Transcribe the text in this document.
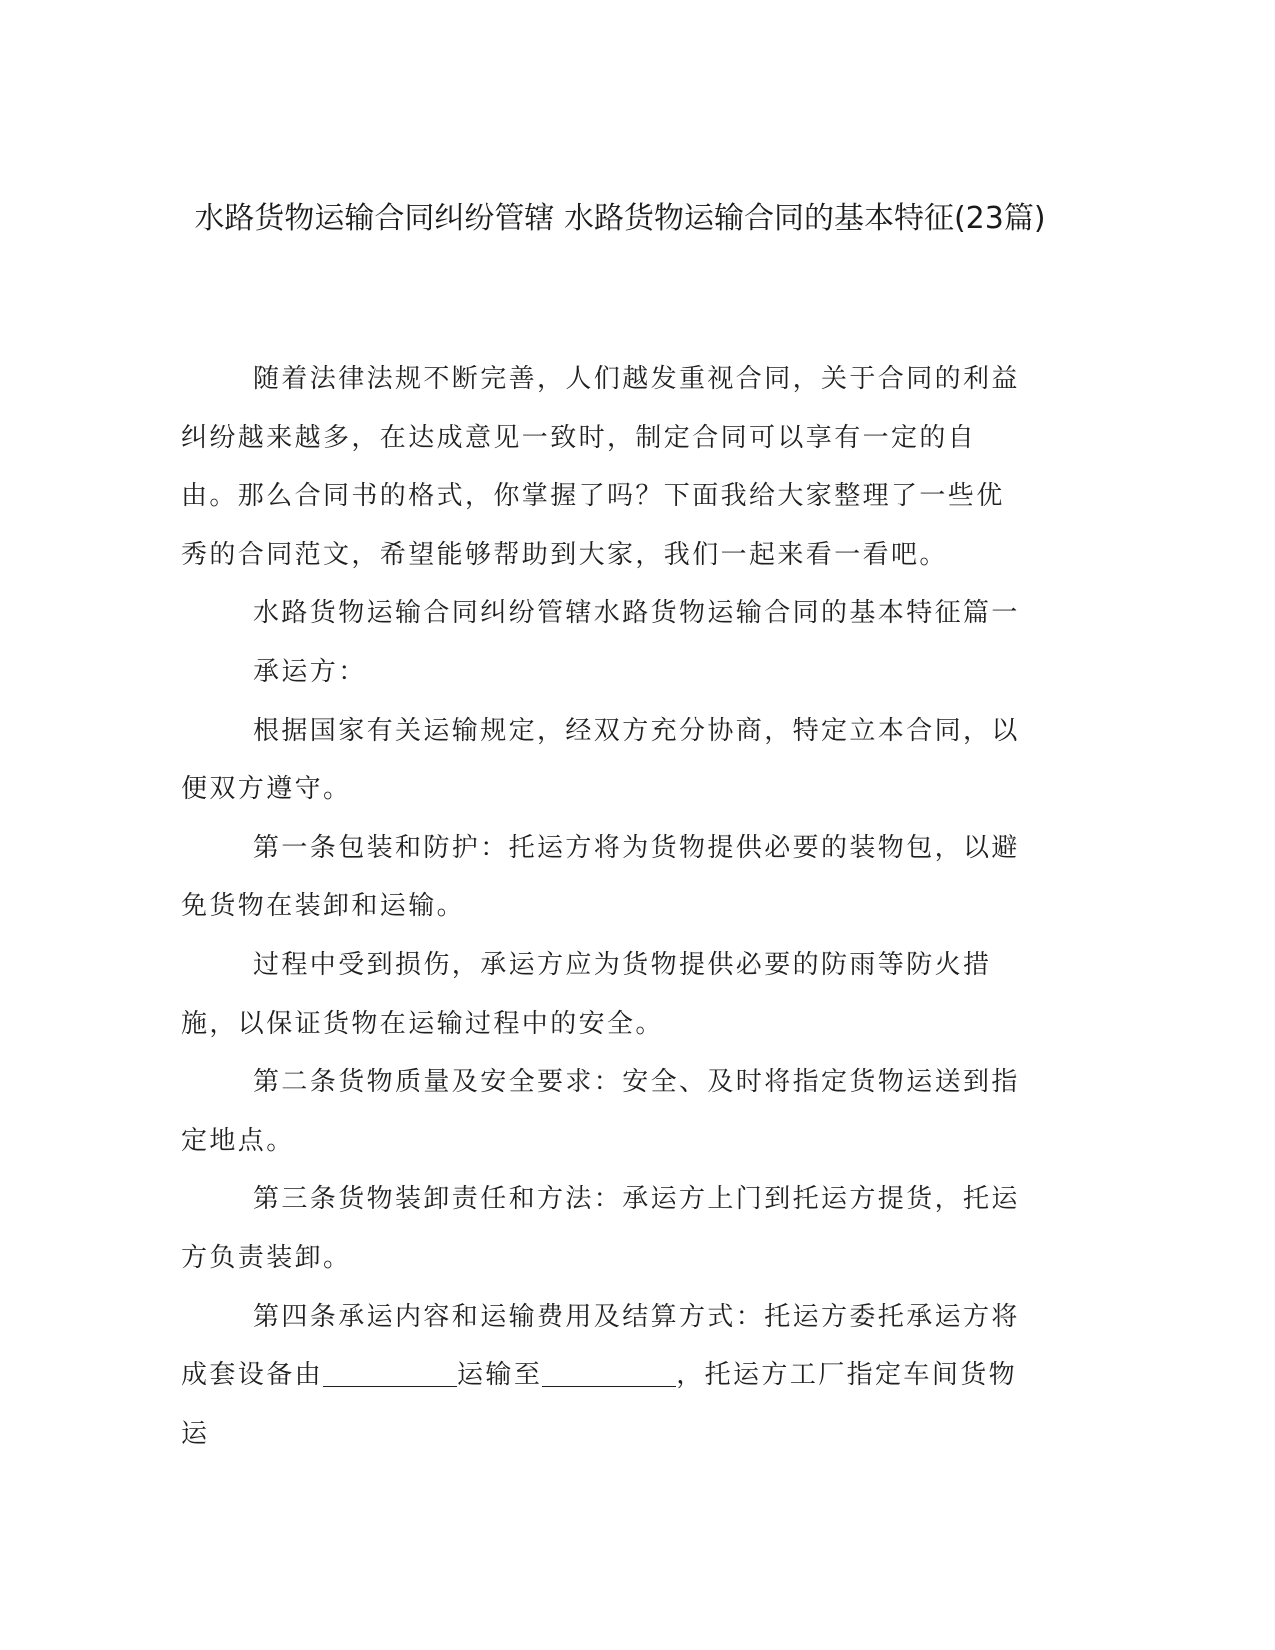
水路货物运输合同纠纷管辖 水路货物运输合同的基本特征(23篇)

随着法律法规不断完善，人们越发重视合同，关于合同的利益纠纷越来越多，在达成意见一致时，制定合同可以享有一定的自由。那么合同书的格式，你掌握了吗？下面我给大家整理了一些优秀的合同范文，希望能够帮助到大家，我们一起来看一看吧。

水路货物运输合同纠纷管辖水路货物运输合同的基本特征篇一

承运方：

根据国家有关运输规定，经双方充分协商，特定立本合同，以便双方遵守。

第一条包装和防护：托运方将为货物提供必要的装物包，以避免货物在装卸和运输。

过程中受到损伤，承运方应为货物提供必要的防雨等防火措施，以保证货物在运输过程中的安全。

第二条货物质量及安全要求：安全、及时将指定货物运送到指定地点。

第三条货物装卸责任和方法：承运方上门到托运方提货，托运方负责装卸。

第四条承运内容和运输费用及结算方式：托运方委托承运方将成套设备由	运输至	，托运方工厂指定车间货物运
